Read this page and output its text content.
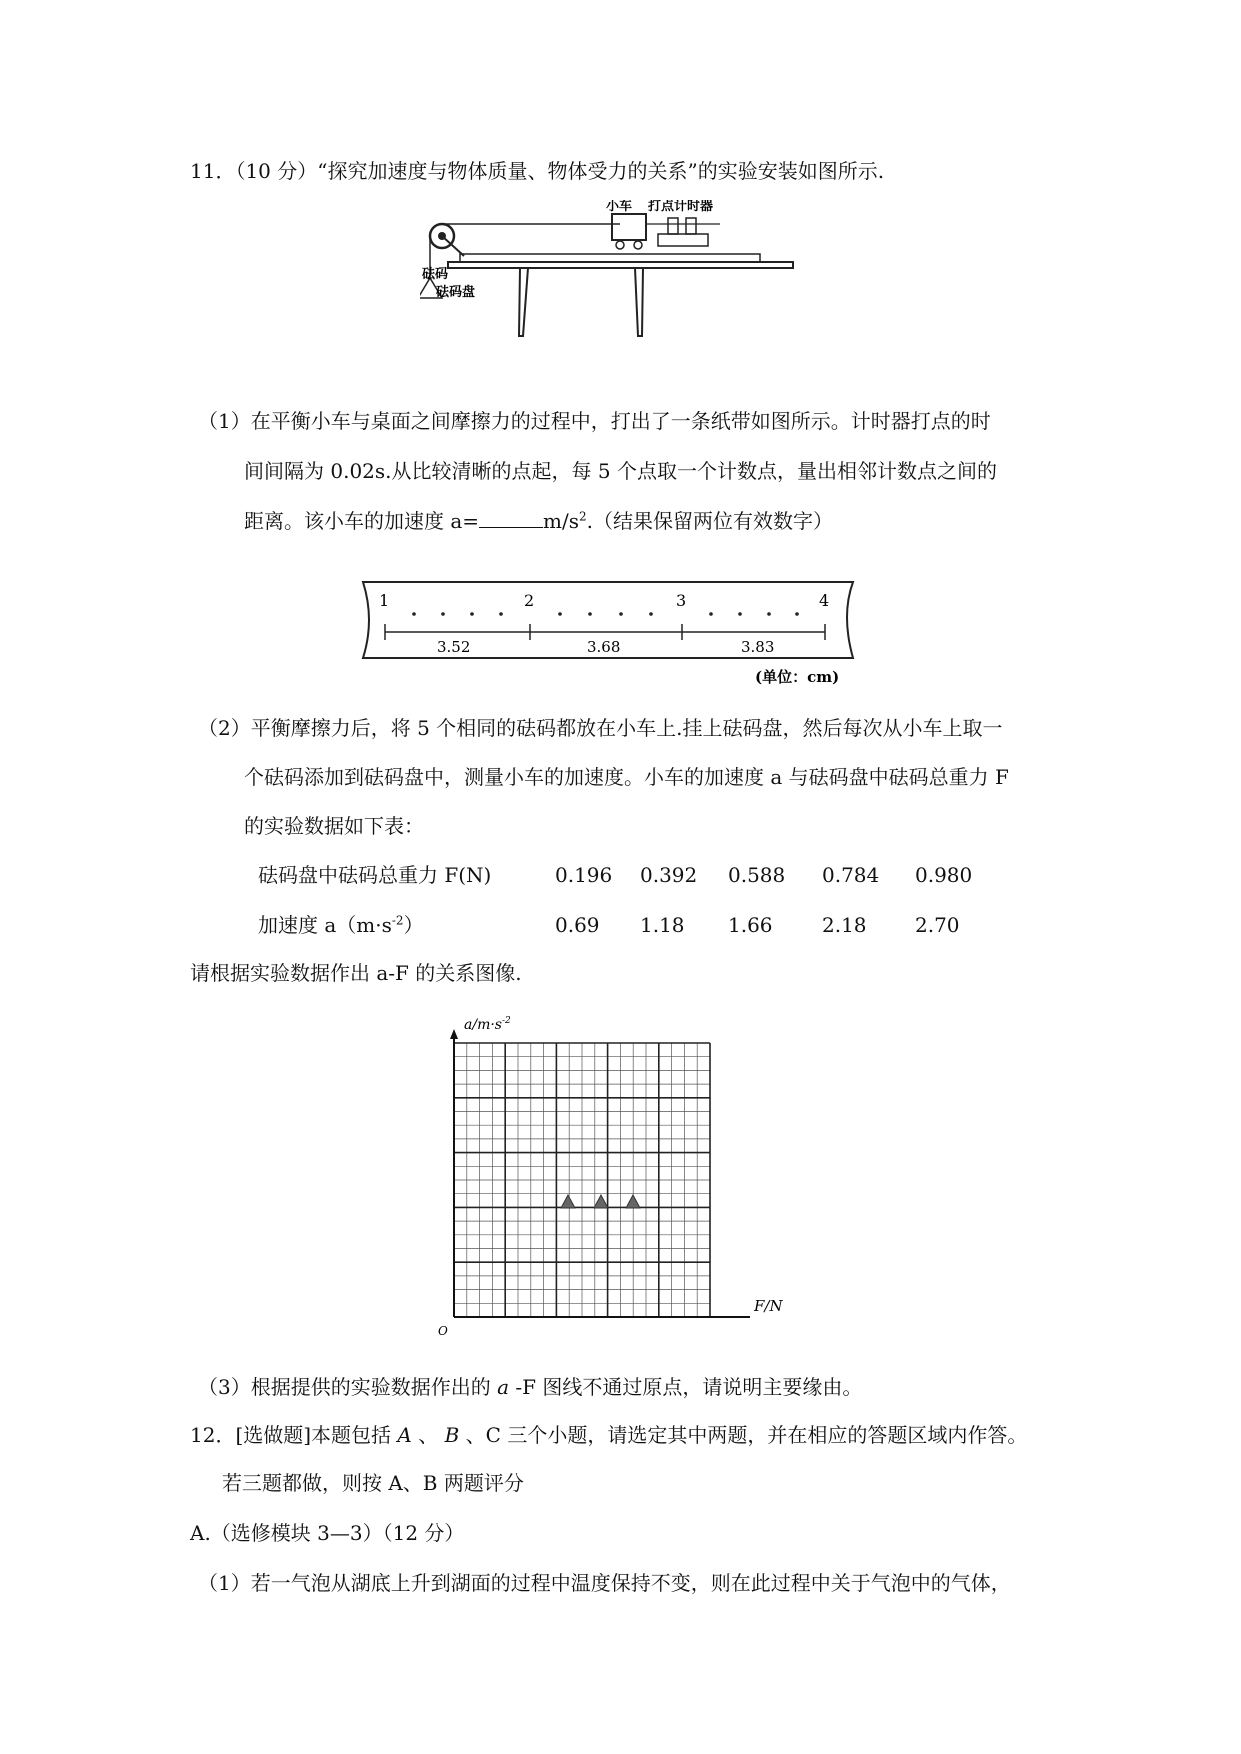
11．（10 分）“探究加速度与物体质量、物体受力的关系”的实验安装如图所示.
小车 打点计时器
砝码
砝码盘
（1）在平衡小车与桌面之间摩擦力的过程中，打出了一条纸带如图所示。计时器打点的时
间间隔为 0.02s.从比较清晰的点起，每 5 个点取一个计数点，量出相邻计数点之间的
距离。该小车的加速度 a=	$m/s^2$.（结果保留两位有效数字）
1	2	3	4
3.52	3.68	3.83
(单位：cm)
（2）平衡摩擦力后，将 5 个相同的砝码都放在小车上.挂上砝码盘，然后每次从小车上取一
个砝码添加到砝码盘中，测量小车的加速度。小车的加速度 a 与砝码盘中砝码总重力 F
的实验数据如下表：
砝码盘中砝码总重力 F(N)	0.196 0.392 0.588 0.784 0.980
加速度 $a(m\cdot s^{-2})$	0.69 1.18 1.66 2.18 2.70
请根据实验数据作出 a-F 的关系图像.
$a/m\cdot s^{-2}$
F/N
O
（3）根据提供的实验数据作出的 a -F 图线不通过原点，请说明主要缘由。
12．[选做题]本题包括 A 、 B 、C 三个小题，请选定其中两题，并在相应的答题区域内作答。
若三题都做，则按 A、B 两题评分
A.（选修模块 3—3）（12 分）
（1）若一气泡从湖底上升到湖面的过程中温度保持不变，则在此过程中关于气泡中的气体，
